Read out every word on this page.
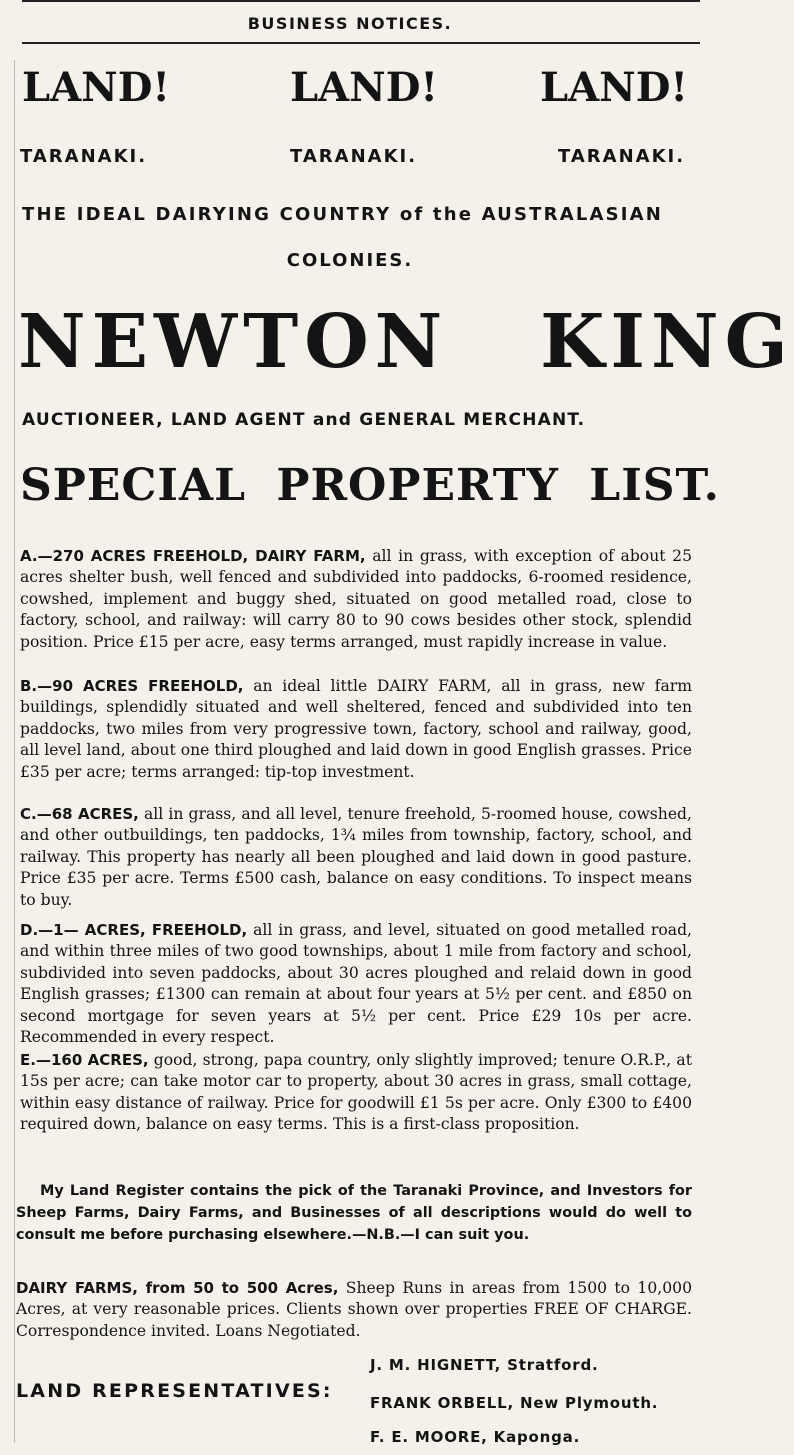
BUSINESS NOTICES.
LAND!	LAND!	LAND!
TARANAKI.	TARANAKI.	TARANAKI.
THE IDEAL DAIRYING COUNTRY of the AUSTRALASIAN
COLONIES.
NEWTON KING
AUCTIONEER, LAND AGENT and GENERAL MERCHANT.
SPECIAL PROPERTY LIST.
A.—270 ACRES FREEHOLD, DAIRY FARM, all in grass, with exception of about 25 acres shelter bush, well fenced and subdivided into paddocks, 6-roomed residence, cowshed, implement and buggy shed, situated on good metalled road, close to factory, school, and railway: will carry 80 to 90 cows besides other stock, splendid position. Price £15 per acre, easy terms arranged, must rapidly increase in value.
B.—90 ACRES FREEHOLD, an ideal little DAIRY FARM, all in grass, new farm buildings, splendidly situated and well sheltered, fenced and subdivided into ten paddocks, two miles from very progressive town, factory, school and railway, good, all level land, about one third ploughed and laid down in good English grasses. Price £35 per acre; terms arranged: tip-top investment.
C.—68 ACRES, all in grass, and all level, tenure freehold, 5-roomed house, cowshed, and other outbuildings, ten paddocks, 1¾ miles from township, factory, school, and railway. This property has nearly all been ploughed and laid down in good pasture. Price £35 per acre. Terms £500 cash, balance on easy conditions. To inspect means to buy.
D.—1— ACRES, FREEHOLD, all in grass, and level, situated on good metalled road, and within three miles of two good townships, about 1 mile from factory and school, subdivided into seven paddocks, about 30 acres ploughed and relaid down in good English grasses; £1300 can remain at about four years at 5½ per cent. and £850 on second mortgage for seven years at 5½ per cent. Price £29 10s per acre. Recommended in every respect.
E.—160 ACRES, good, strong, papa country, only slightly improved; tenure O.R.P., at 15s per acre; can take motor car to property, about 30 acres in grass, small cottage, within easy distance of railway. Price for goodwill £1 5s per acre. Only £300 to £400 required down, balance on easy terms. This is a first-class proposition.
My Land Register contains the pick of the Taranaki Province, and Investors for Sheep Farms, Dairy Farms, and Businesses of all descriptions would do well to consult me before purchasing elsewhere.—N.B.—I can suit you.
DAIRY FARMS, from 50 to 500 Acres, Sheep Runs in areas from 1500 to 10,000 Acres, at very reasonable prices. Clients shown over properties FREE OF CHARGE. Correspondence invited. Loans Negotiated.
LAND REPRESENTATIVES:
J. M. HIGNETT, Stratford.
FRANK ORBELL, New Plymouth.
F. E. MOORE, Kaponga.
